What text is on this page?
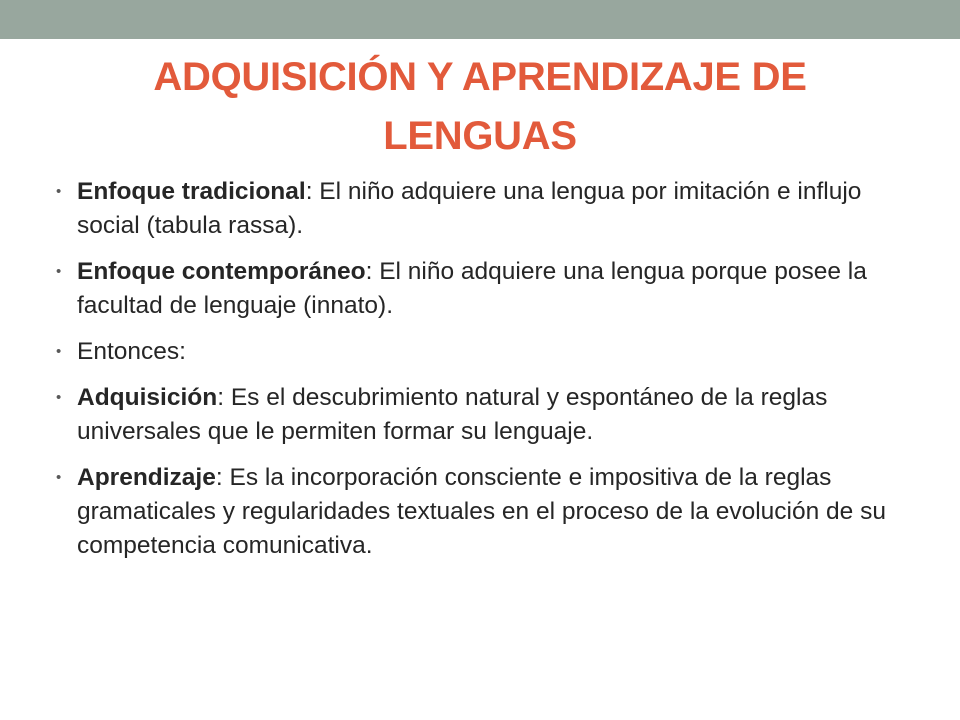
ADQUISICIÓN Y APRENDIZAJE DE
LENGUAS
• Enfoque tradicional: El niño adquiere una lengua por imitación e influjo social (tabula rassa).
• Enfoque contemporáneo: El niño adquiere una lengua porque posee la facultad de lenguaje (innato).
• Entonces:
• Adquisición: Es el descubrimiento natural y espontáneo de la reglas universales que le permiten formar su lenguaje.
• Aprendizaje: Es la incorporación consciente e impositiva de la reglas gramaticales y regularidades textuales en el proceso de la evolución de su competencia comunicativa.
